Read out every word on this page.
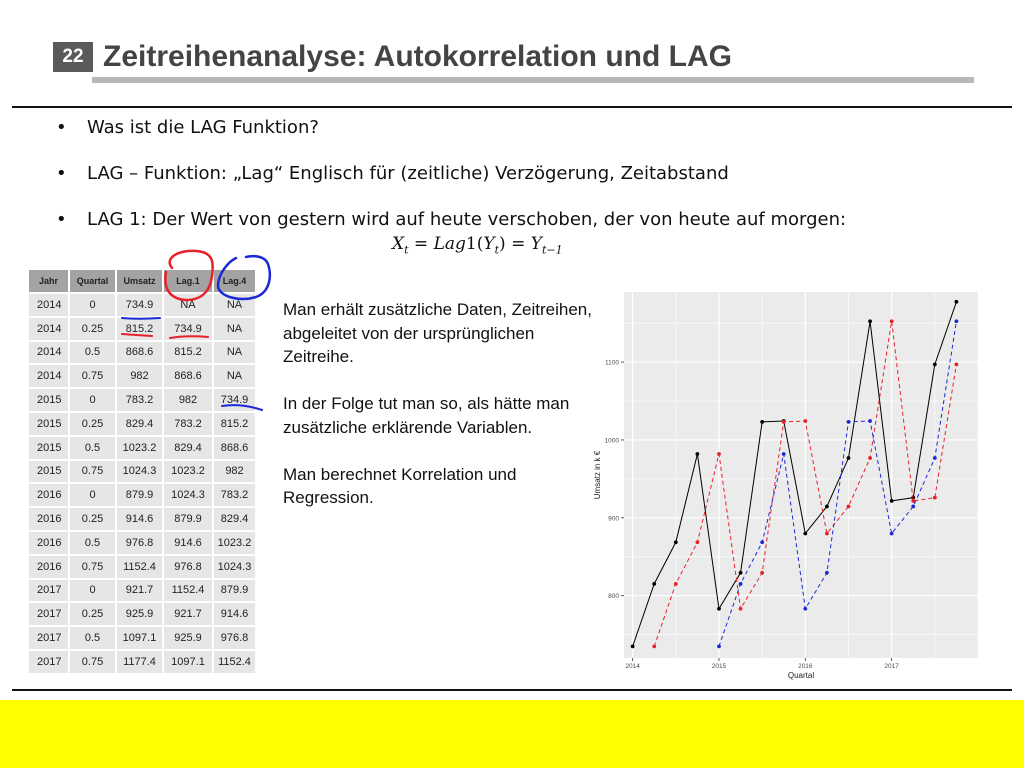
22 Zeitreihenanalyse: Autokorrelation und LAG
• Was ist die LAG Funktion?
• LAG – Funktion: „Lag“ Englisch für (zeitliche) Verzögerung, Zeitabstand
• LAG 1: Der Wert von gestern wird auf heute verschoben, der von heute auf morgen:
$X_t = Lag1(Y_t) = Y_{t-1}$
Jahr	Quartal	Umsatz	Lag.1	Lag.4
2014	0	734.9	NA	NA
2014	0.25	815.2	734.9	NA
2014	0.5	868.6	815.2	NA
2014	0.75	982	868.6	NA
2015	0	783.2	982	734.9
2015	0.25	829.4	783.2	815.2
2015	0.5	1023.2	829.4	868.6
2015	0.75	1024.3	1023.2	982
2016	0	879.9	1024.3	783.2
2016	0.25	914.6	879.9	829.4
2016	0.5	976.8	914.6	1023.2
2016	0.75	1152.4	976.8	1024.3
2017	0	921.7	1152.4	879.9
2017	0.25	925.9	921.7	914.6
2017	0.5	1097.1	925.9	976.8
2017	0.75	1177.4	1097.1	1152.4

Man erhält zusätzliche Daten, Zeitreihen, abgeleitet von der ursprünglichen Zeitreihe.

In der Folge tut man so, als hätte man zusätzliche erklärende Variablen.

Man berechnet Korrelation und Regression.

800
900
1000
1100
2014	2015	2016	2017
Quartal
Umsatz in k €
